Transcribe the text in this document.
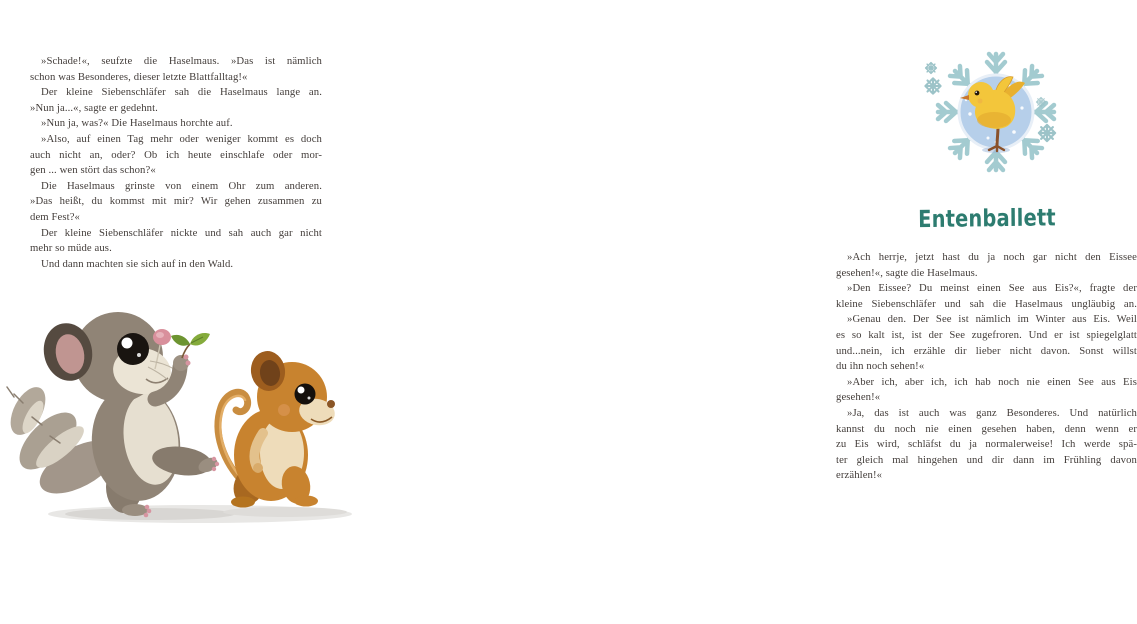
»Schade!«, seufzte die Haselmaus. »Das ist nämlich
schon was Besonderes, dieser letzte Blattfalltag!«
Der kleine Siebenschläfer sah die Haselmaus lange an.
»Nun ja...«, sagte er gedehnt.
»Nun ja, was?« Die Haselmaus horchte auf.
»Also, auf einen Tag mehr oder weniger kommt es doch
auch nicht an, oder? Ob ich heute einschlafe oder mor-
gen ... wen stört das schon?«
Die Haselmaus grinste von einem Ohr zum anderen.
»Das heißt, du kommst mit mir? Wir gehen zusammen zu
dem Fest?«
Der kleine Siebenschläfer nickte und sah auch gar nicht
mehr so müde aus.
Und dann machten sie sich auf in den Wald.
Entenballett
»Ach herrje, jetzt hast du ja noch gar nicht den Eissee
gesehen!«, sagte die Haselmaus.
»Den Eissee? Du meinst einen See aus Eis?«, fragte der
kleine Siebenschläfer und sah die Haselmaus ungläubig an.
»Genau den. Der See ist nämlich im Winter aus Eis. Weil
es so kalt ist, ist der See zugefroren. Und er ist spiegelglatt
und...nein, ich erzähle dir lieber nicht davon. Sonst willst
du ihn noch sehen!«
»Aber ich, aber ich, ich hab noch nie einen See aus Eis
gesehen!«
»Ja, das ist auch was ganz Besonderes. Und natürlich
kannst du noch nie einen gesehen haben, denn wenn er
zu Eis wird, schläfst du ja normalerweise! Ich werde spä-
ter gleich mal hingehen und dir dann im Frühling davon
erzählen!«
